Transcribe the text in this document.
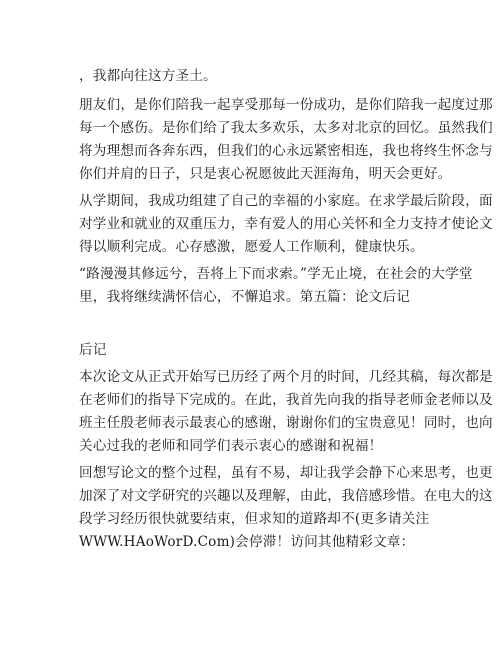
，我都向往这方圣土。
朋友们，是你们陪我一起享受那每一份成功，是你们陪我一起度过那
每一个感伤。是你们给了我太多欢乐，太多对北京的回忆。虽然我们
将为理想而各奔东西，但我们的心永远紧密相连，我也将终生怀念与
你们并肩的日子，只是衷心祝愿彼此天涯海角，明天会更好。
从学期间，我成功组建了自己的幸福的小家庭。在求学最后阶段，面
对学业和就业的双重压力，幸有爱人的用心关怀和全力支持才使论文
得以顺利完成。心存感激，愿爱人工作顺利，健康快乐。
“路漫漫其修远兮，吾将上下而求索。”学无止境，在社会的大学堂
里，我将继续满怀信心，不懈追求。第五篇：论文后记
后记
本次论文从正式开始写已历经了两个月的时间，几经其稿，每次都是
在老师们的指导下完成的。在此，我首先向我的指导老师金老师以及
班主任殷老师表示最衷心的感谢，谢谢你们的宝贵意见！同时，也向
关心过我的老师和同学们表示衷心的感谢和祝福！
回想写论文的整个过程，虽有不易，却让我学会静下心来思考，也更
加深了对文学研究的兴趣以及理解，由此，我倍感珍惜。在电大的这
段学习经历很快就要结束，但求知的道路却不(更多请关注
WWW.HAoWorD.Com)会停滞！访问其他精彩文章：
